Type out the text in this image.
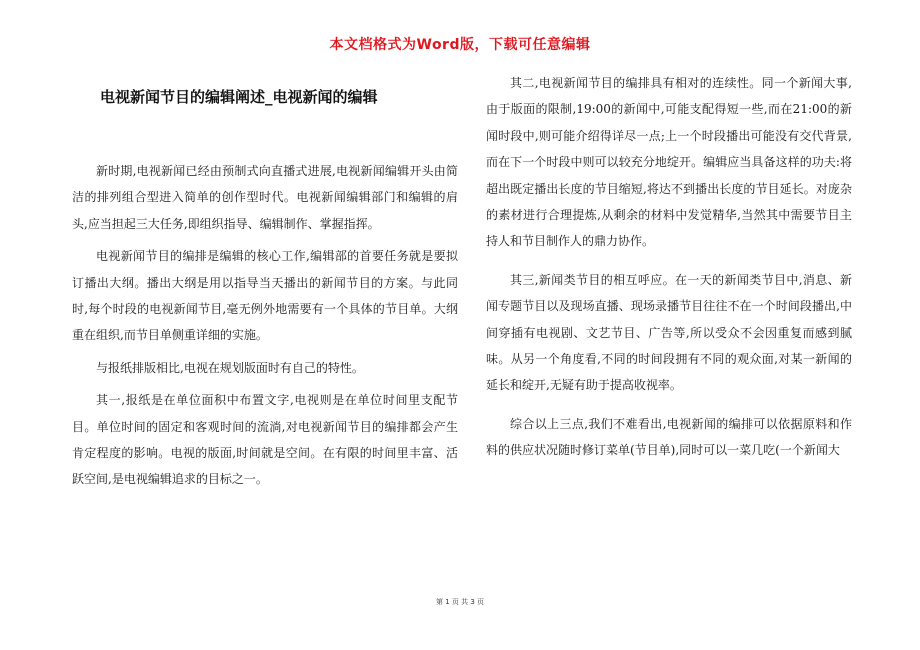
本文档格式为Word版，下载可任意编辑
电视新闻节目的编辑阐述_电视新闻的编辑

新时期,电视新闻已经由预制式向直播式进展,电视新闻编辑开头由简洁的排列组合型进入简单的创作型时代。电视新闻编辑部门和编辑的肩头,应当担起三大任务,即组织指导、编辑制作、掌握指挥。

电视新闻节目的编排是编辑的核心工作,编辑部的首要任务就是要拟订播出大纲。播出大纲是用以指导当天播出的新闻节目的方案。与此同时,每个时段的电视新闻节目,毫无例外地需要有一个具体的节目单。大纲重在组织,而节目单侧重详细的实施。

与报纸排版相比,电视在规划版面时有自己的特性。

其一,报纸是在单位面积中布置文字,电视则是在单位时间里支配节目。单位时间的固定和客观时间的流淌,对电视新闻节目的编排都会产生肯定程度的影响。电视的版面,时间就是空间。在有限的时间里丰富、活跃空间,是电视编辑追求的目标之一。

其二,电视新闻节目的编排具有相对的连续性。同一个新闻大事,由于版面的限制,19:00的新闻中,可能支配得短一些,而在21:00的新闻时段中,则可能介绍得详尽一点;上一个时段播出可能没有交代背景,而在下一个时段中则可以较充分地绽开。编辑应当具备这样的功夫:将超出既定播出长度的节目缩短,将达不到播出长度的节目延长。对庞杂的素材进行合理提炼,从剩余的材料中发觉精华,当然其中需要节目主持人和节目制作人的鼎力协作。

其三,新闻类节目的相互呼应。在一天的新闻类节目中,消息、新闻专题节目以及现场直播、现场录播节目往往不在一个时间段播出,中间穿插有电视剧、文艺节目、广告等,所以受众不会因重复而感到腻味。从另一个角度看,不同的时间段拥有不同的观众面,对某一新闻的延长和绽开,无疑有助于提高收视率。

综合以上三点,我们不难看出,电视新闻的编排可以依据原料和作料的供应状况随时修订菜单(节目单),同时可以一菜几吃(一个新闻大

第 1 页 共 3 页
